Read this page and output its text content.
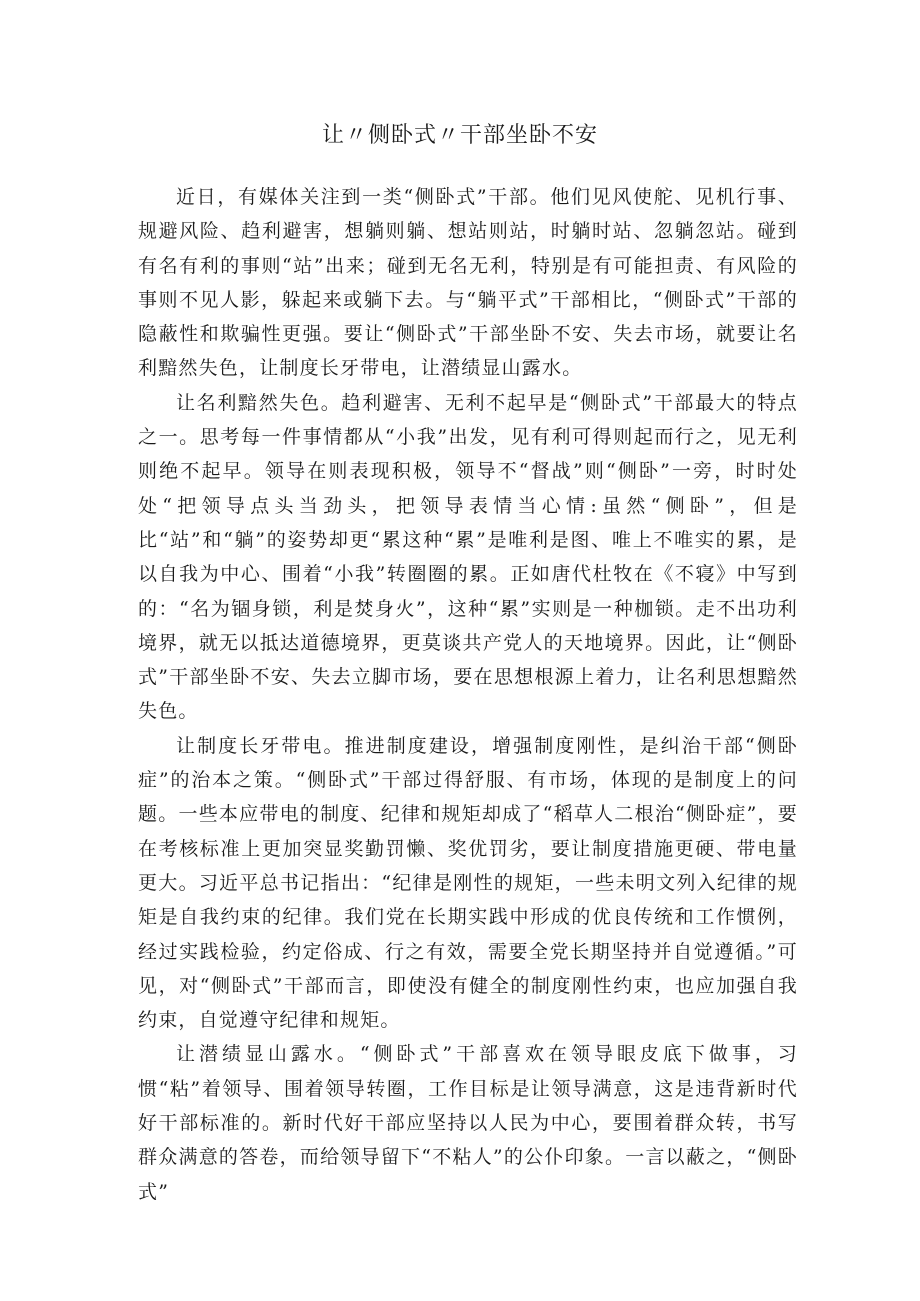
让〃侧卧式〃干部坐卧不安

近日，有媒体关注到一类“侧卧式”干部。他们见风使舵、见机行事、规避风险、趋利避害，想躺则躺、想站则站，时躺时站、忽躺忽站。碰到有名有利的事则“站”出来；碰到无名无利，特别是有可能担责、有风险的事则不见人影，躲起来或躺下去。与“躺平式”干部相比，“侧卧式”干部的隐蔽性和欺骗性更强。要让“侧卧式”干部坐卧不安、失去市场，就要让名利黯然失色，让制度长牙带电，让潜绩显山露水。

让名利黯然失色。趋利避害、无利不起早是“侧卧式”干部最大的特点之一。思考每一件事情都从“小我”出发，见有利可得则起而行之，见无利则绝不起早。领导在则表现积极，领导不“督战”则“侧卧”一旁，时时处处“把领导点头当劲头，把领导表情当心情:虽然“侧卧”，但是比“站”和“躺”的姿势却更“累这种“累”是唯利是图、唯上不唯实的累，是以自我为中心、围着“小我”转圈圈的累。正如唐代杜牧在《不寝》中写到的：“名为锢身锁，利是焚身火”，这种“累”实则是一种枷锁。走不出功利境界，就无以抵达道德境界，更莫谈共产党人的天地境界。因此，让“侧卧式”干部坐卧不安、失去立脚市场，要在思想根源上着力，让名利思想黯然失色。

让制度长牙带电。推进制度建设，增强制度刚性，是纠治干部“侧卧症”的治本之策。“侧卧式”干部过得舒服、有市场，体现的是制度上的问题。一些本应带电的制度、纪律和规矩却成了“稻草人二根治“侧卧症”，要在考核标准上更加突显奖勤罚懒、奖优罚劣，要让制度措施更硬、带电量更大。习近平总书记指出：“纪律是刚性的规矩，一些未明文列入纪律的规矩是自我约束的纪律。我们党在长期实践中形成的优良传统和工作惯例，经过实践检验，约定俗成、行之有效，需要全党长期坚持并自觉遵循。”可见，对“侧卧式”干部而言，即使没有健全的制度刚性约束，也应加强自我约束，自觉遵守纪律和规矩。

让潜绩显山露水。“侧卧式”干部喜欢在领导眼皮底下做事，习惯“粘”着领导、围着领导转圈，工作目标是让领导满意，这是违背新时代好干部标准的。新时代好干部应坚持以人民为中心，要围着群众转，书写群众满意的答卷，而给领导留下“不粘人”的公仆印象。一言以蔽之，“侧卧式”
